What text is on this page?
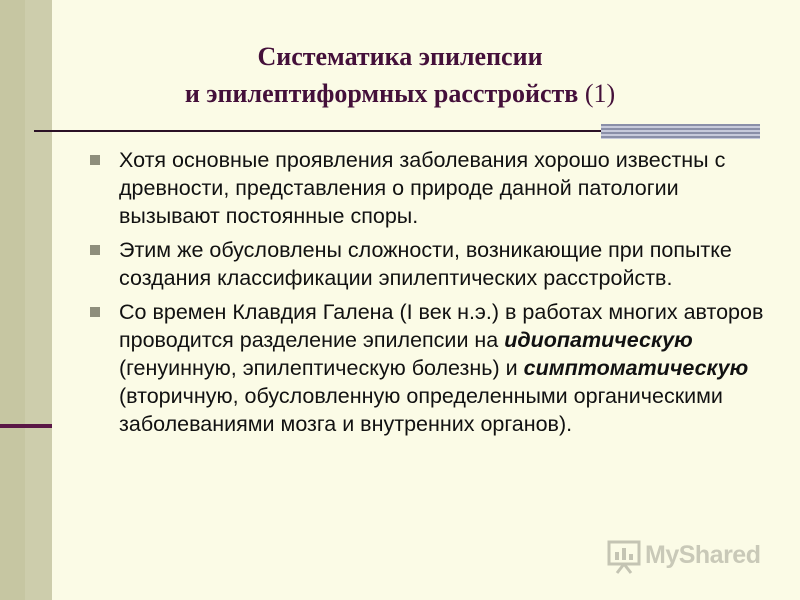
Систематика эпилепсии
и эпилептиформных расстройств (1)
Хотя основные проявления заболевания хорошо известны с древности, представления о природе данной патологии вызывают постоянные споры.
Этим же обусловлены сложности, возникающие при попытке создания классификации эпилептических расстройств.
Со времен Клавдия Галена (I век н.э.) в работах многих авторов проводится разделение эпилепсии на идиопатическую (генуинную, эпилептическую болезнь) и симптоматическую (вторичную, обусловленную определенными органическими заболеваниями мозга и внутренних органов).
MyShared
